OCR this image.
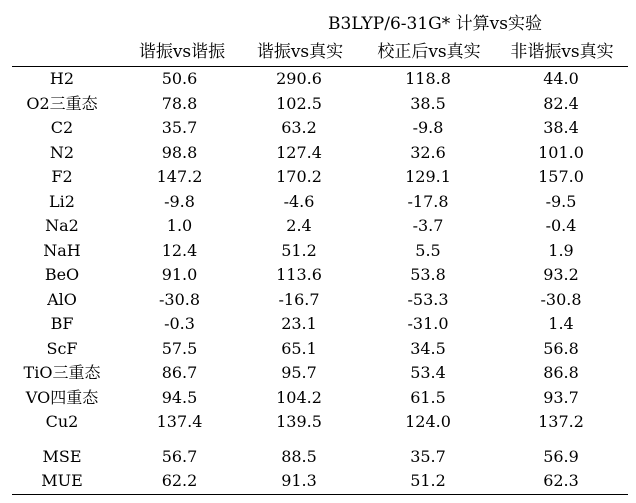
B3LYP/6-31G* 计算vs实验
谐振vs谐振	谐振vs真实	校正后vs真实	非谐振vs真实
H2	50.6	290.6	118.8	44.0
O2三重态	78.8	102.5	38.5	82.4
C2	35.7	63.2	-9.8	38.4
N2	98.8	127.4	32.6	101.0
F2	147.2	170.2	129.1	157.0
Li2	-9.8	-4.6	-17.8	-9.5
Na2	1.0	2.4	-3.7	-0.4
NaH	12.4	51.2	5.5	1.9
BeO	91.0	113.6	53.8	93.2
AlO	-30.8	-16.7	-53.3	-30.8
BF	-0.3	23.1	-31.0	1.4
ScF	57.5	65.1	34.5	56.8
TiO三重态	86.7	95.7	53.4	86.8
VO四重态	94.5	104.2	61.5	93.7
Cu2	137.4	139.5	124.0	137.2
MSE	56.7	88.5	35.7	56.9
MUE	62.2	91.3	51.2	62.3
